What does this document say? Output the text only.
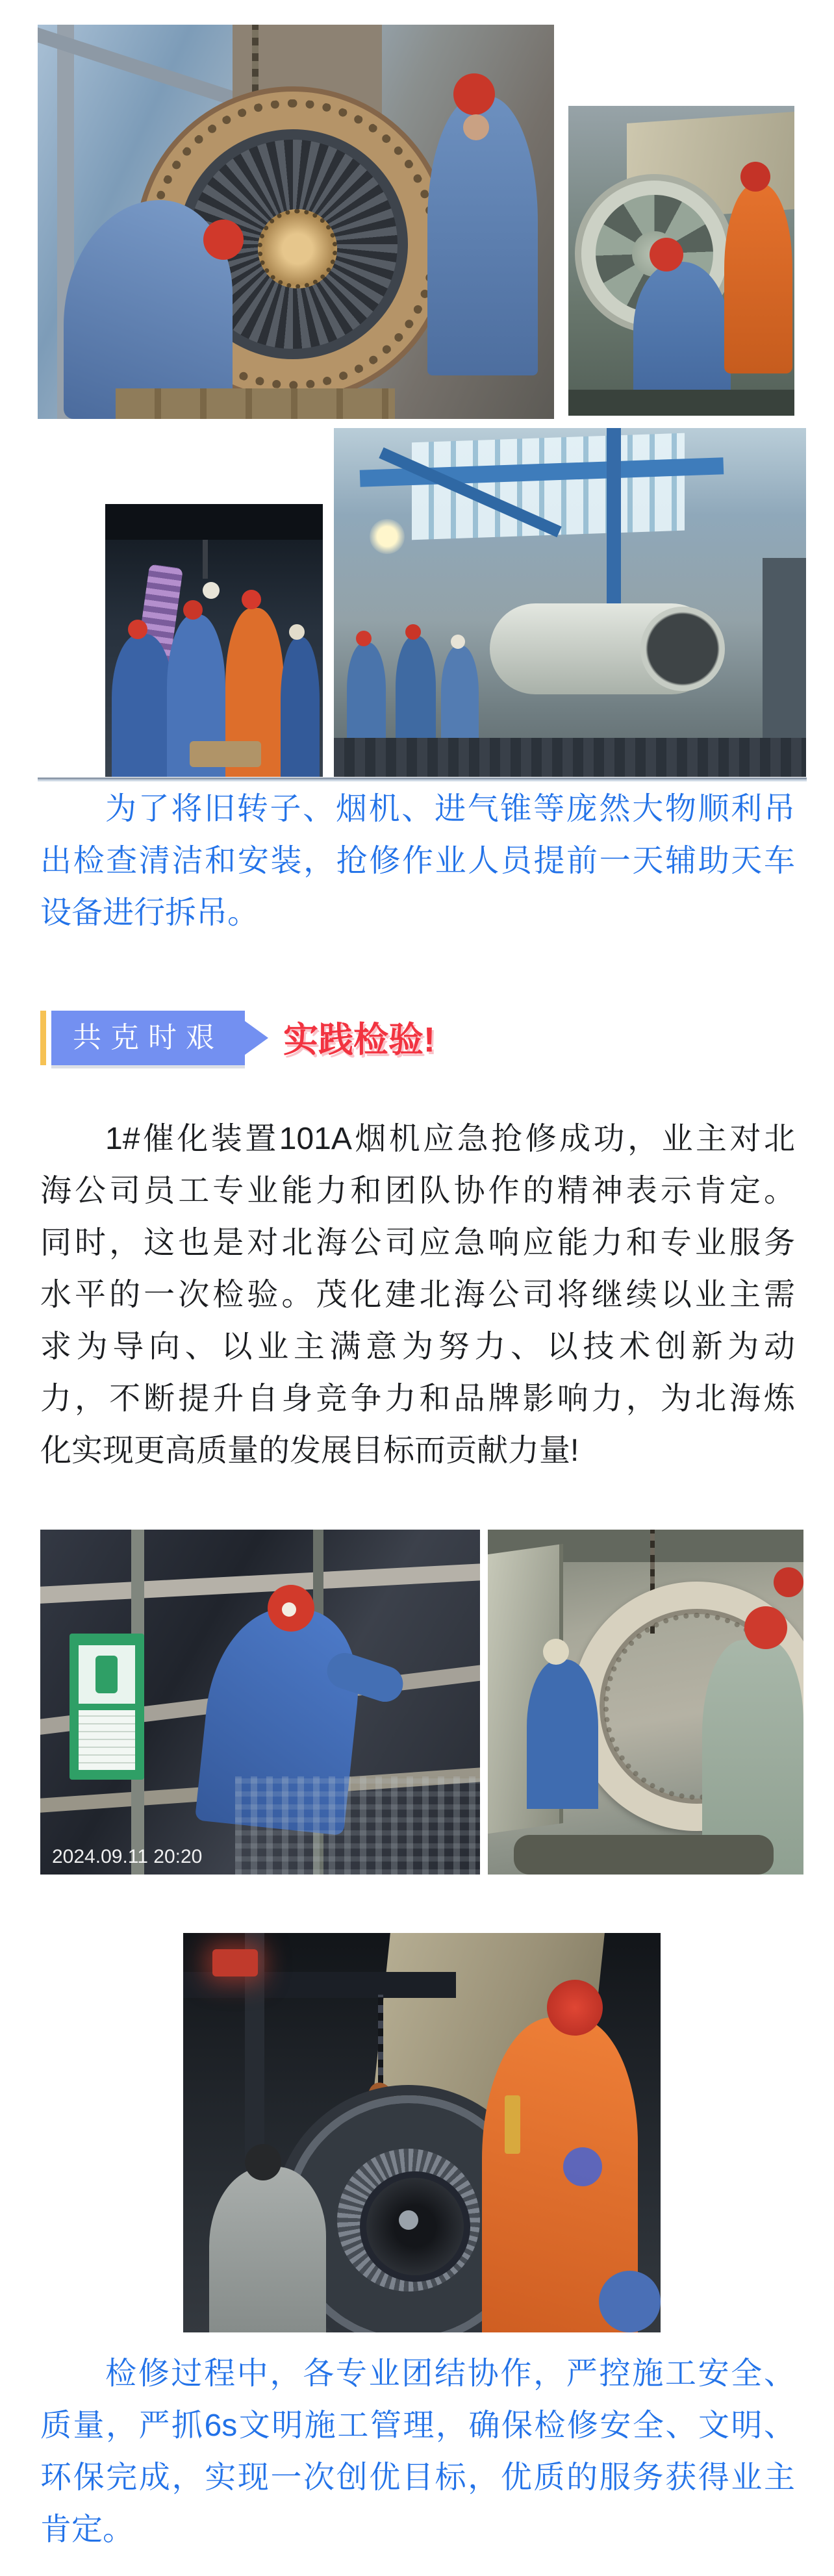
为了将旧转子、烟机、进气锥等庞然大物顺利吊
出检查清洁和安装，抢修作业人员提前一天辅助天车
设备进行拆吊。
共克时艰	实践检验!
1#催化装置101A烟机应急抢修成功，业主对北
海公司员工专业能力和团队协作的精神表示肯定。
同时，这也是对北海公司应急响应能力和专业服务
水平的一次检验。茂化建北海公司将继续以业主需
求为导向、以业主满意为努力、以技术创新为动
力，不断提升自身竞争力和品牌影响力，为北海炼
化实现更高质量的发展目标而贡献力量!
2024.09.11 20:20
检修过程中，各专业团结协作，严控施工安全、
质量，严抓6s文明施工管理，确保检修安全、文明、
环保完成，实现一次创优目标，优质的服务获得业主
肯定。
